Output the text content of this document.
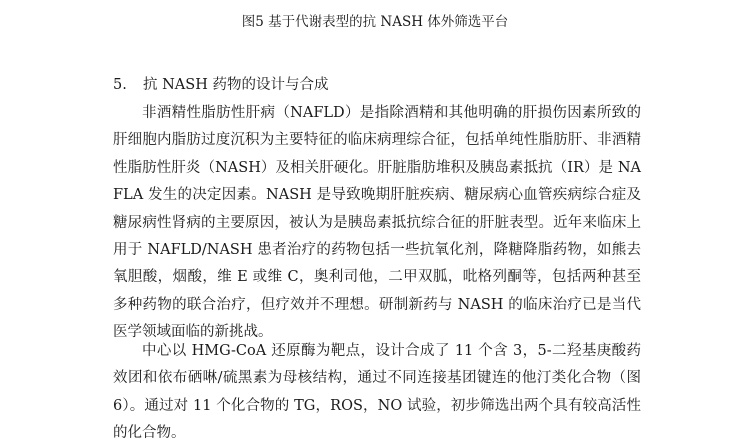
图5 基于代谢表型的抗 NASH 体外筛选平台
5. 抗 NASH 药物的设计与合成

非酒精性脂肪性肝病（NAFLD）是指除酒精和其他明确的肝损伤因素所致的肝细胞内脂肪过度沉积为主要特征的临床病理综合征，包括单纯性脂肪肝、非酒精性脂肪性肝炎（NASH）及相关肝硬化。肝脏脂肪堆积及胰岛素抵抗（IR）是 NAFLA 发生的决定因素。NASH 是导致晚期肝脏疾病、糖尿病心血管疾病综合症及糖尿病性肾病的主要原因，被认为是胰岛素抵抗综合征的肝脏表型。近年来临床上用于 NAFLD/NASH 患者治疗的药物包括一些抗氧化剂，降糖降脂药物，如熊去氧胆酸，烟酸，维 E 或维 C，奥利司他，二甲双胍，吡格列酮等，包括两种甚至多种药物的联合治疗，但疗效并不理想。研制新药与 NASH 的临床治疗已是当代医学领域面临的新挑战。

中心以 HMG-CoA 还原酶为靶点，设计合成了 11 个含 3，5-二羟基庚酸药效团和依布硒啉/硫黑素为母核结构，通过不同连接基团键连的他汀类化合物（图 6）。通过对 11 个化合物的 TG，ROS，NO 试验，初步筛选出两个具有较高活性的化合物。
